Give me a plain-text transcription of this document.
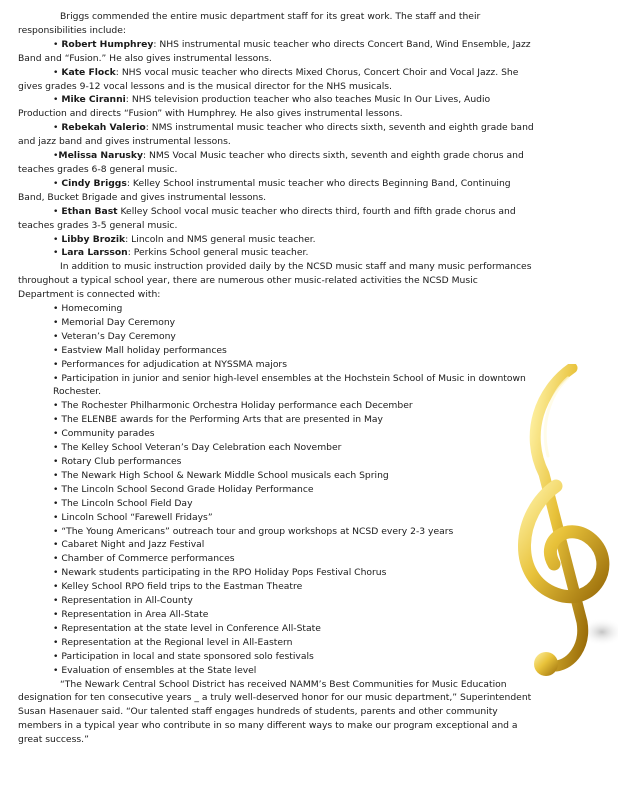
Briggs commended the entire music department staff for its great work. The staff and their responsibilities include:

• Robert Humphrey: NHS instrumental music teacher who directs Concert Band, Wind Ensemble, Jazz Band and “Fusion.” He also gives instrumental lessons.

• Kate Flock: NHS vocal music teacher who directs Mixed Chorus, Concert Choir and Vocal Jazz. She gives grades 9-12 vocal lessons and is the musical director for the NHS musicals.

• Mike Ciranni: NHS television production teacher who also teaches Music In Our Lives, Audio Production and directs “Fusion” with Humphrey. He also gives instrumental lessons.

• Rebekah Valerio: NMS instrumental music teacher who directs sixth, seventh and eighth grade band and jazz band and gives instrumental lessons.

•Melissa Narusky: NMS Vocal Music teacher who directs sixth, seventh and eighth grade chorus and teaches grades 6-8 general music.

• Cindy Briggs: Kelley School instrumental music teacher who directs Beginning Band, Continuing Band, Bucket Brigade and gives instrumental lessons.

• Ethan Bast Kelley School vocal music teacher who directs third, fourth and fifth grade chorus and teaches grades 3-5 general music.

• Libby Brozik: Lincoln and NMS general music teacher.

• Lara Larsson: Perkins School general music teacher.

In addition to music instruction provided daily by the NCSD music staff and many music performances throughout a typical school year, there are numerous other music-related activities the NCSD Music Department is connected with:

• Homecoming
• Memorial Day Ceremony
• Veteran’s Day Ceremony
• Eastview Mall holiday performances
• Performances for adjudication at NYSSMA majors
• Participation in junior and senior high-level ensembles at the Hochstein School of Music in downtown Rochester.
• The Rochester Philharmonic Orchestra Holiday performance each December
• The ELENBE awards for the Performing Arts that are presented in May
• Community parades
• The Kelley School Veteran’s Day Celebration each November
• Rotary Club performances
• The Newark High School & Newark Middle School musicals each Spring
• The Lincoln School Second Grade Holiday Performance
• The Lincoln School Field Day
• Lincoln School “Farewell Fridays”
• “The Young Americans” outreach tour and group workshops at NCSD every 2-3 years
• Cabaret Night and Jazz Festival
• Chamber of Commerce performances
• Newark students participating in the RPO Holiday Pops Festival Chorus
• Kelley School RPO field trips to the Eastman Theatre
• Representation in All-County
• Representation in Area All-State
• Representation at the state level in Conference All-State
• Representation at the Regional level in All-Eastern
• Participation in local and state sponsored solo festivals
• Evaluation of ensembles at the State level

“The Newark Central School District has received NAMM’s Best Communities for Music Education designation for ten consecutive years _ a truly well-deserved honor for our music department,” Superintendent Susan Hasenauer said. “Our talented staff engages hundreds of students, parents and other community members in a typical year who contribute in so many different ways to make our program exceptional and a great success.”
